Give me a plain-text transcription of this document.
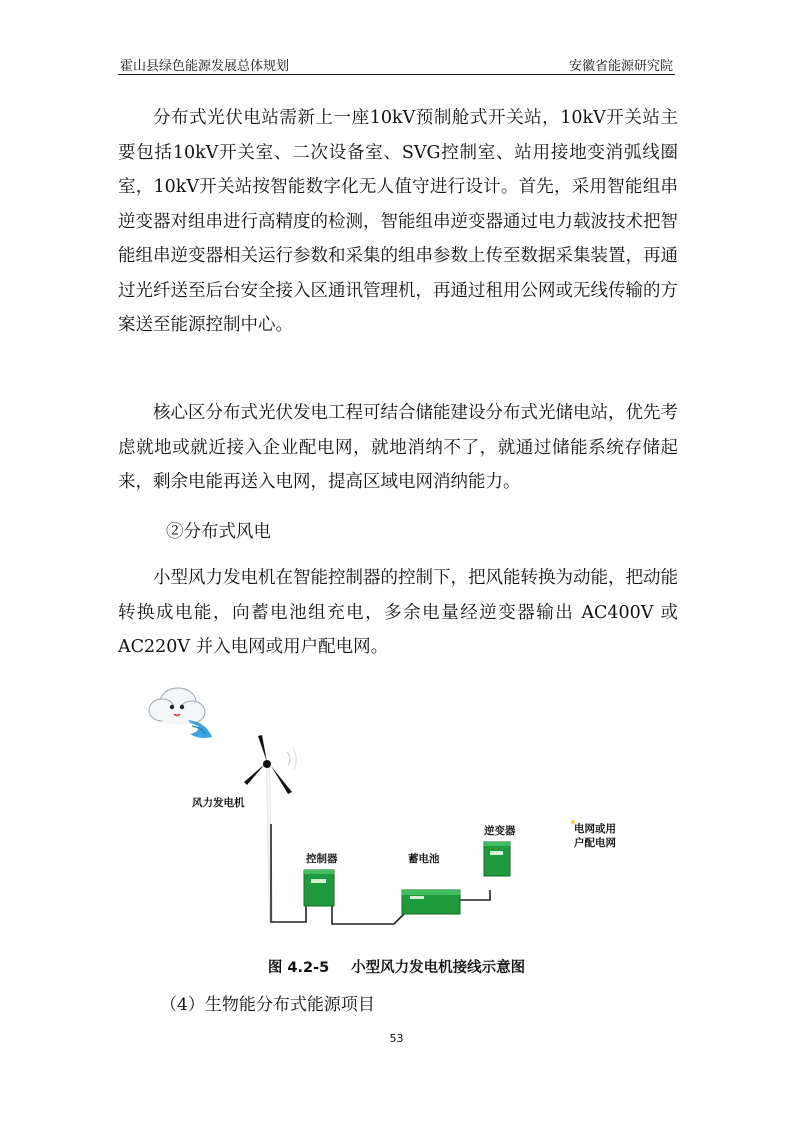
霍山县绿色能源发展总体规划	安徽省能源研究院

分布式光伏电站需新上一座10kV预制舱式开关站，10kV开关站主要包括10kV开关室、二次设备室、SVG控制室、站用接地变消弧线圈室，10kV开关站按智能数字化无人值守进行设计。首先，采用智能组串逆变器对组串进行高精度的检测，智能组串逆变器通过电力载波技术把智能组串逆变器相关运行参数和采集的组串参数上传至数据采集装置，再通过光纤送至后台安全接入区通讯管理机，再通过租用公网或无线传输的方案送至能源控制中心。

核心区分布式光伏发电工程可结合储能建设分布式光储电站，优先考虑就地或就近接入企业配电网，就地消纳不了，就通过储能系统存储起来，剩余电能再送入电网，提高区域电网消纳能力。

②分布式风电

小型风力发电机在智能控制器的控制下，把风能转换为动能，把动能转换成电能，向蓄电池组充电，多余电量经逆变器输出 AC400V 或 AC220V 并入电网或用户配电网。

风力发电机
控制器	蓄电池
逆变器	电网或用
户配电网
图 4.2-5 小型风力发电机接线示意图
（4）生物能分布式能源项目
53
